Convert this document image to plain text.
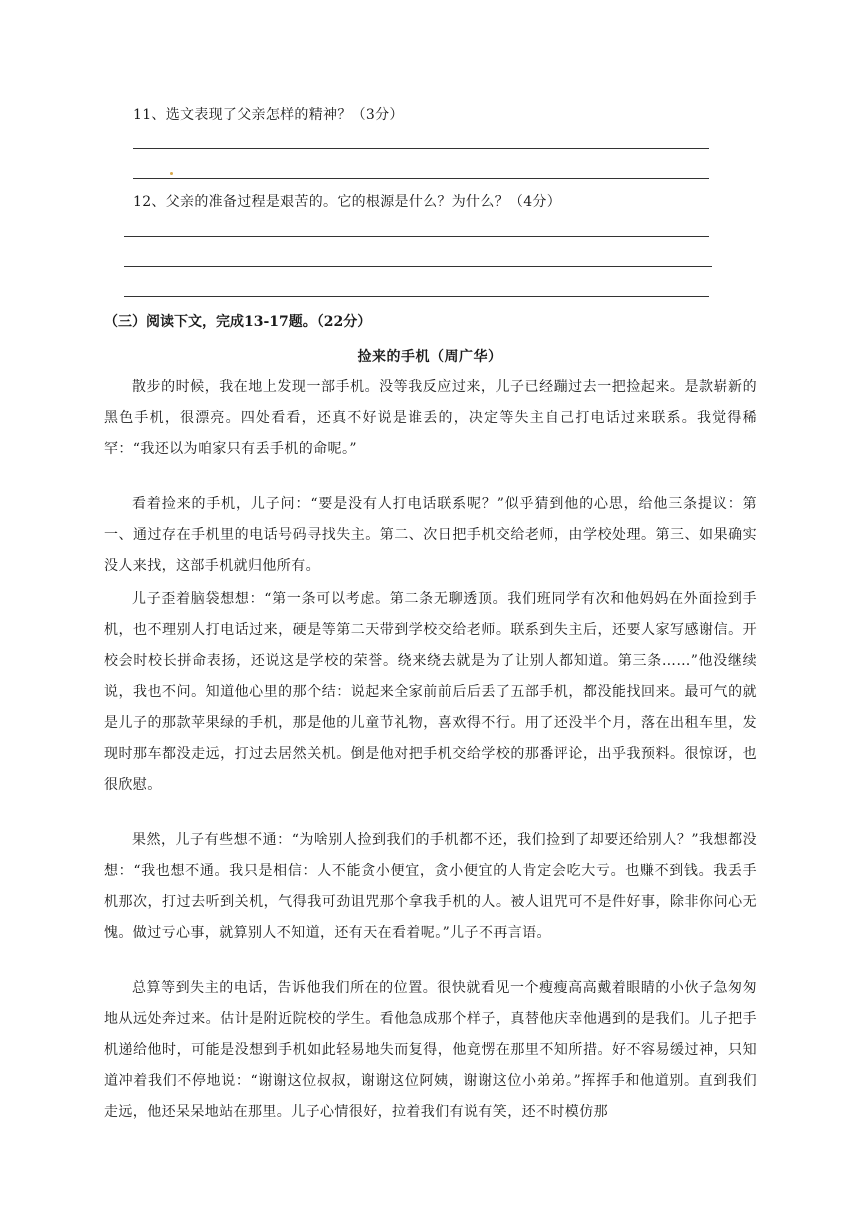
11、选文表现了父亲怎样的精神？（3分）
12、父亲的准备过程是艰苦的。它的根源是什么？为什么？（4分）
（三）阅读下文，完成13-17题。（22分）
捡来的手机（周广华）
散步的时候，我在地上发现一部手机。没等我反应过来，儿子已经蹦过去一把捡起来。是款崭新的黑色手机，很漂亮。四处看看，还真不好说是谁丢的，决定等失主自己打电话过来联系。我觉得稀罕：“我还以为咱家只有丢手机的命呢。”
看着捡来的手机，儿子问：“要是没有人打电话联系呢？”似乎猜到他的心思，给他三条提议：第一、通过存在手机里的电话号码寻找失主。第二、次日把手机交给老师，由学校处理。第三、如果确实没人来找，这部手机就归他所有。
儿子歪着脑袋想想：“第一条可以考虑。第二条无聊透顶。我们班同学有次和他妈妈在外面捡到手机，也不理别人打电话过来，硬是等第二天带到学校交给老师。联系到失主后，还要人家写感谢信。开校会时校长拼命表扬，还说这是学校的荣誉。绕来绕去就是为了让别人都知道。第三条……”他没继续说，我也不问。知道他心里的那个结：说起来全家前前后后丢了五部手机，都没能找回来。最可气的就是儿子的那款苹果绿的手机，那是他的儿童节礼物，喜欢得不行。用了还没半个月，落在出租车里，发现时那车都没走远，打过去居然关机。倒是他对把手机交给学校的那番评论，出乎我预料。很惊讶，也很欣慰。
果然，儿子有些想不通：“为啥别人捡到我们的手机都不还，我们捡到了却要还给别人？”我想都没想：“我也想不通。我只是相信：人不能贪小便宜，贪小便宜的人肯定会吃大亏。也赚不到钱。我丢手机那次，打过去听到关机，气得我可劲诅咒那个拿我手机的人。被人诅咒可不是件好事，除非你问心无愧。做过亏心事，就算别人不知道，还有天在看着呢。”儿子不再言语。
总算等到失主的电话，告诉他我们所在的位置。很快就看见一个瘦瘦高高戴着眼睛的小伙子急匆匆地从远处奔过来。估计是附近院校的学生。看他急成那个样子，真替他庆幸他遇到的是我们。儿子把手机递给他时，可能是没想到手机如此轻易地失而复得，他竟愣在那里不知所措。好不容易缓过神，只知道冲着我们不停地说：“谢谢这位叔叔，谢谢这位阿姨，谢谢这位小弟弟。”挥挥手和他道别。直到我们走远，他还呆呆地站在那里。儿子心情很好，拉着我们有说有笑，还不时模仿那
